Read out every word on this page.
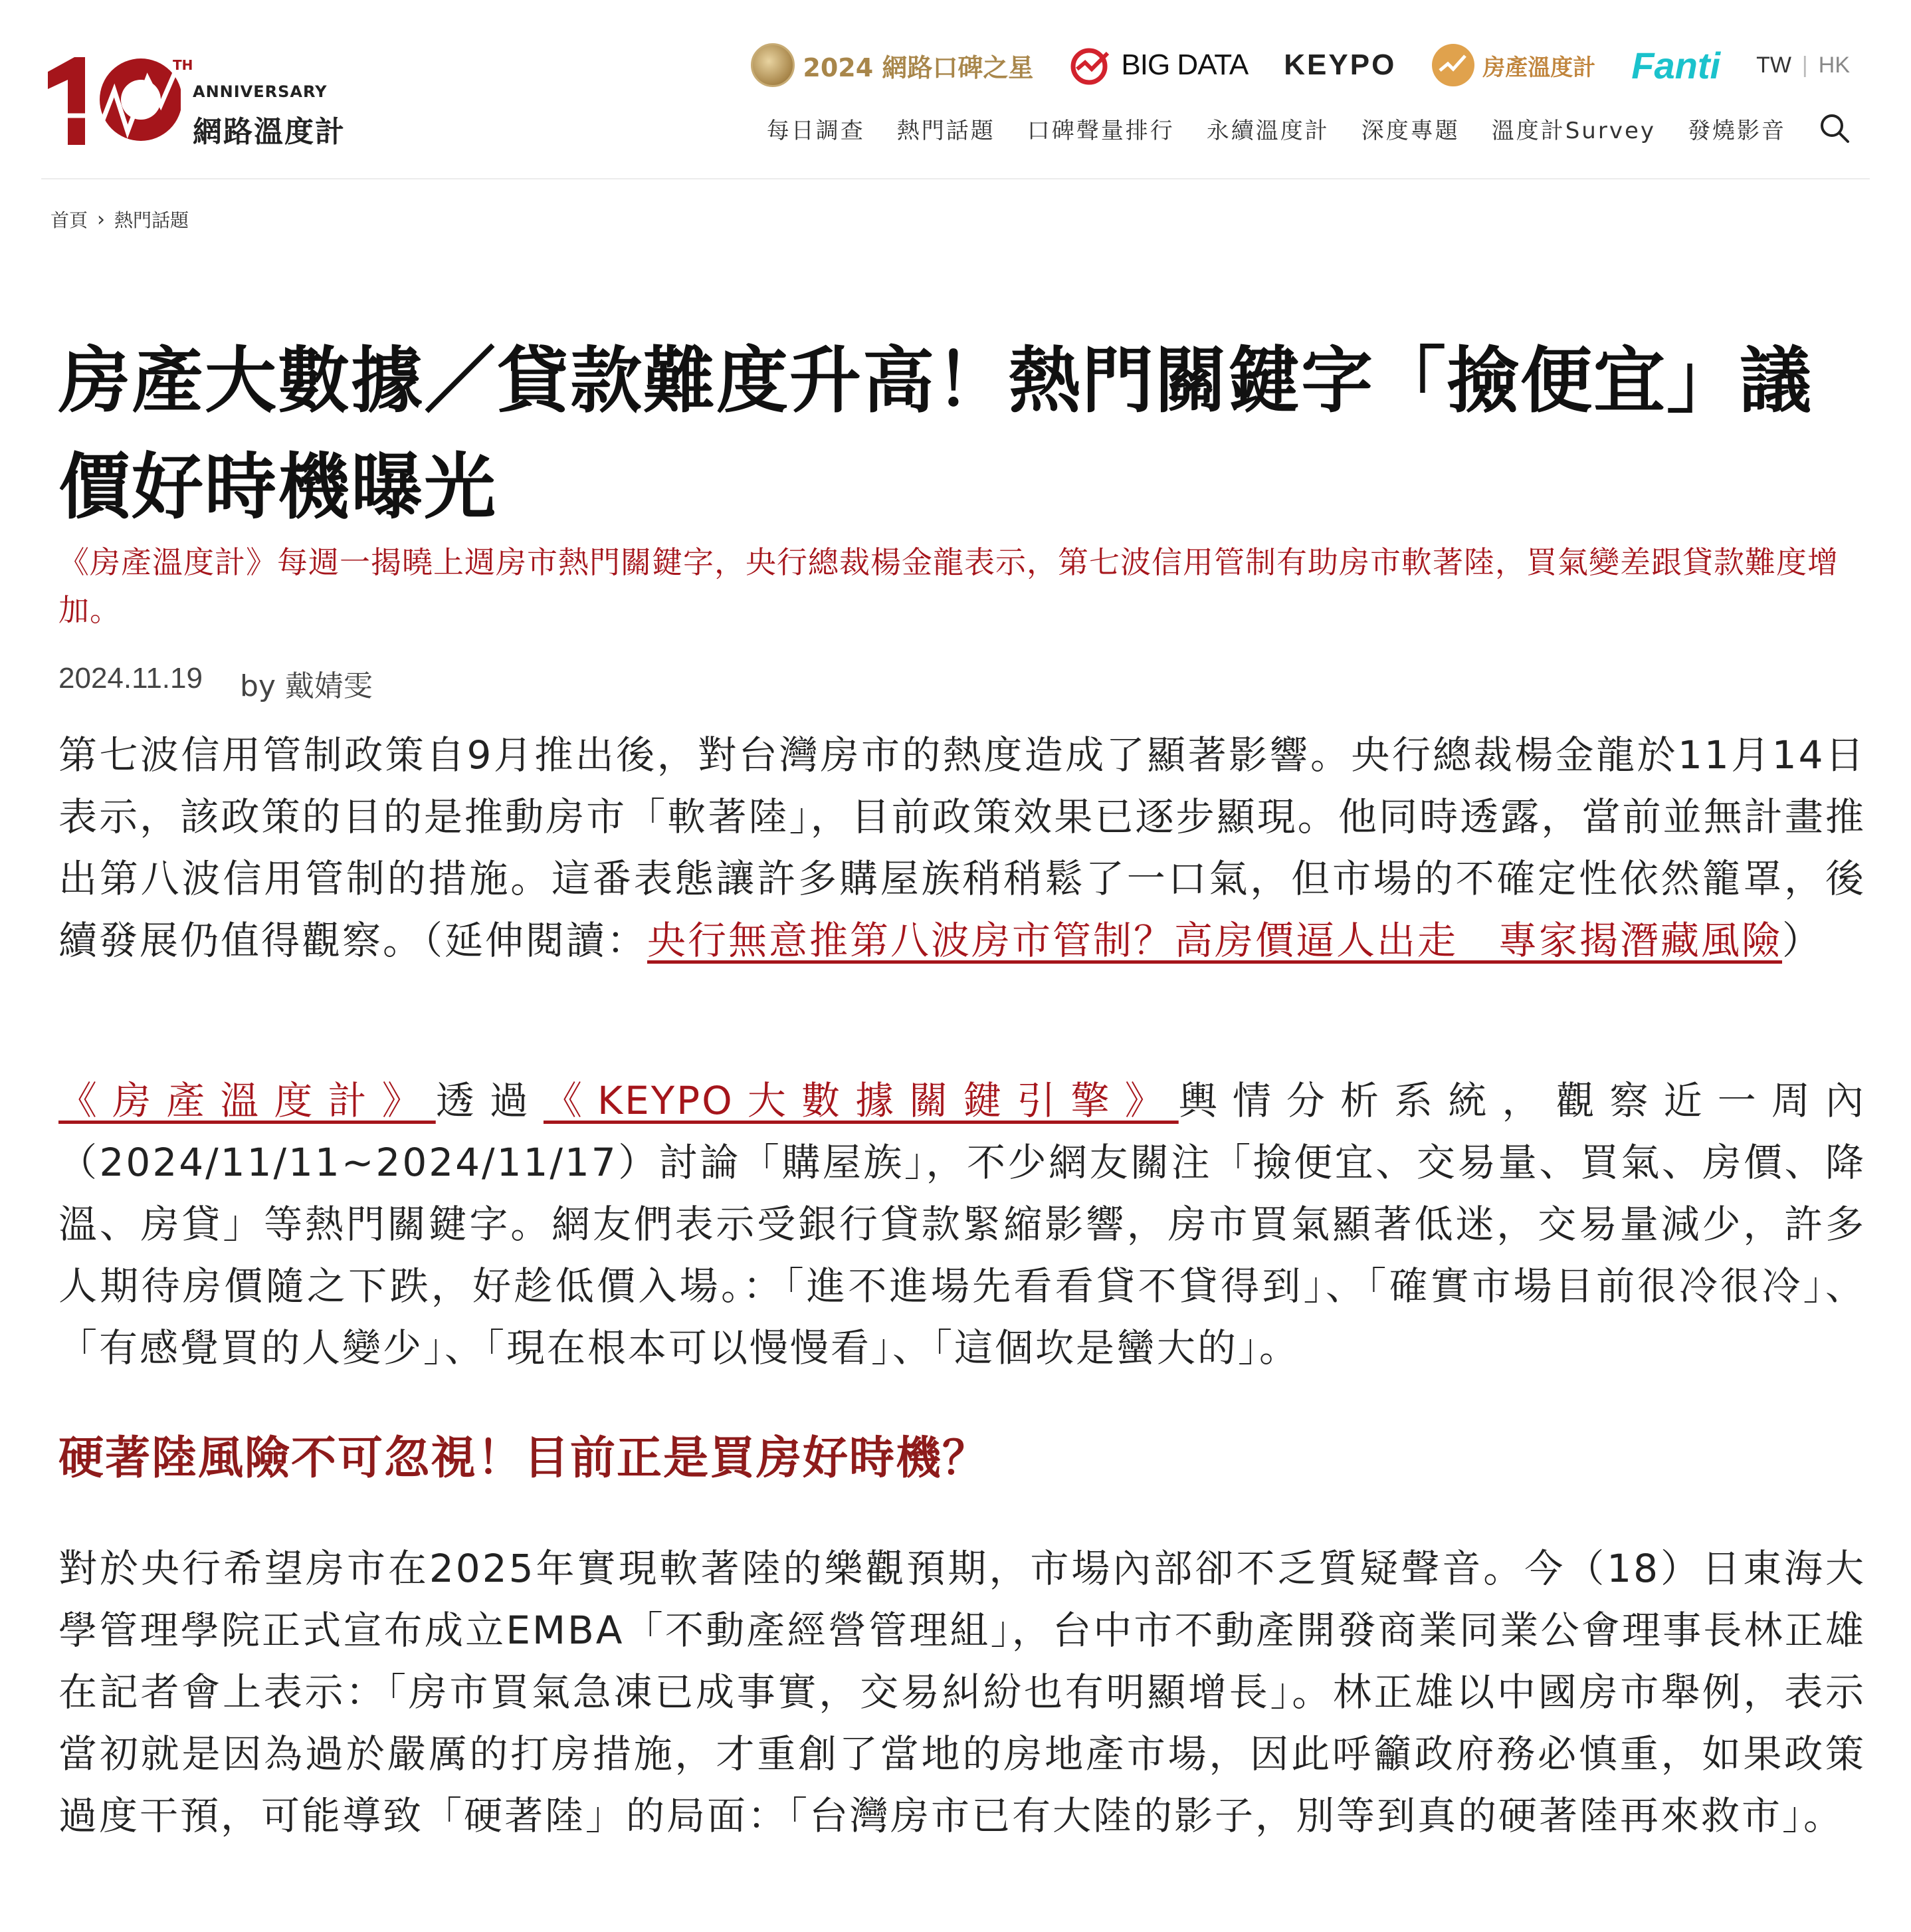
TH
ANNIVERSARY
網路溫度計
2024 網路口碑之星	BIG DATA KEYPO	房產溫度計 Fanti TW | HK
每日調查 熱門話題 口碑聲量排行 永續溫度計 深度專題 溫度計Survey 發燒影音
首頁 › 熱門話題
房產大數據／貸款難度升高！熱門關鍵字「撿便宜」議價好時機曝光

《房產溫度計》每週一揭曉上週房市熱門關鍵字，央行總裁楊金龍表示，第七波信用管制有助房市軟著陸，買氣變差跟貸款難度增加。

2024.11.19 by 戴婧雯

第七波信用管制政策自9月推出後，對台灣房市的熱度造成了顯著影響。央行總裁楊金龍於11月14日表示，該政策的目的是推動房市「軟著陸」，目前政策效果已逐步顯現。他同時透露，當前並無計畫推出第八波信用管制的措施。這番表態讓許多購屋族稍稍鬆了一口氣，但市場的不確定性依然籠罩，後續發展仍值得觀察。（延伸閱讀：央行無意推第八波房市管制？高房價逼人出走　專家揭潛藏風險）

《房產溫度計》透過《KEYPO大數據關鍵引擎》輿情分析系統，觀察近一周內（2024/11/11~2024/11/17）討論「購屋族」，不少網友關注「撿便宜、交易量、買氣、房價、降溫、房貸」等熱門關鍵字。網友們表示受銀行貸款緊縮影響，房市買氣顯著低迷，交易量減少，許多人期待房價隨之下跌，好趁低價入場。：「進不進場先看看貸不貸得到」、「確實市場目前很冷很冷」、「有感覺買的人變少」、「現在根本可以慢慢看」、「這個坎是蠻大的」。

硬著陸風險不可忽視！目前正是買房好時機？

對於央行希望房市在2025年實現軟著陸的樂觀預期，市場內部卻不乏質疑聲音。今（18）日東海大學管理學院正式宣布成立EMBA「不動產經營管理組」，台中市不動產開發商業同業公會理事長林正雄在記者會上表示：「房市買氣急凍已成事實，交易糾紛也有明顯增長」。林正雄以中國房市舉例，表示當初就是因為過於嚴厲的打房措施，才重創了當地的房地產市場，因此呼籲政府務必慎重，如果政策過度干預，可能導致「硬著陸」的局面：「台灣房市已有大陸的影子，別等到真的硬著陸再來救市」。
